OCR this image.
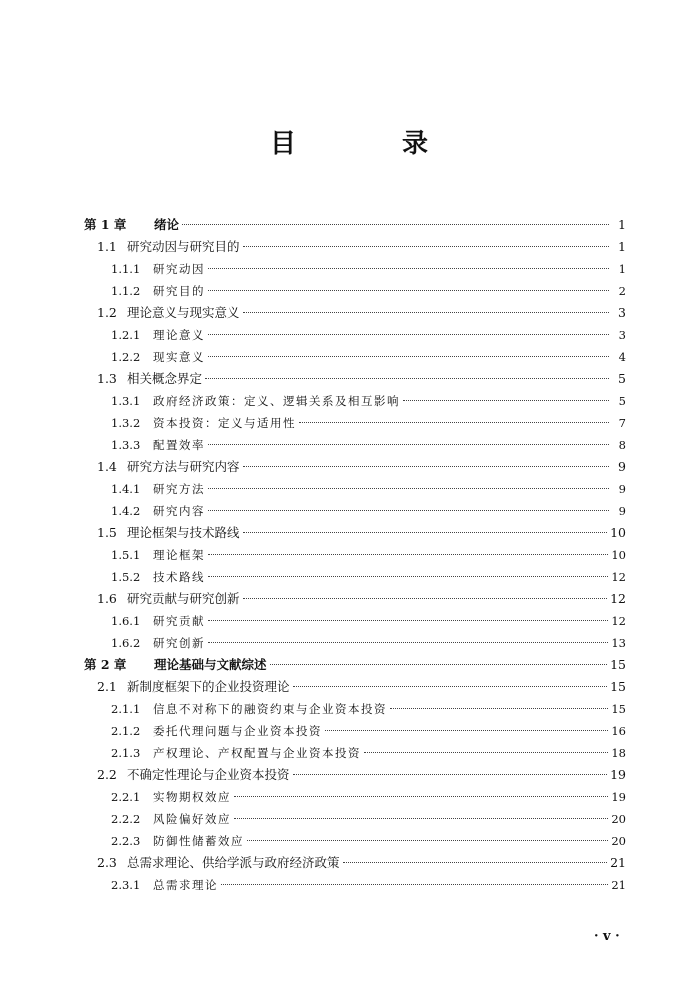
目　录
第 1 章	绪论	1
1.1 研究动因与研究目的	1
1.1.1	研究动因	1
1.1.2	研究目的	2
1.2 理论意义与现实意义	3
1.2.1	理论意义	3
1.2.2	现实意义	4
1.3 相关概念界定	5
1.3.1	政府经济政策：定义、逻辑关系及相互影响	5
1.3.2	资本投资：定义与适用性	7
1.3.3	配置效率	8
1.4 研究方法与研究内容	9
1.4.1	研究方法	9
1.4.2	研究内容	9
1.5 理论框架与技术路线	10
1.5.1	理论框架	10
1.5.2	技术路线	12
1.6 研究贡献与研究创新	12
1.6.1	研究贡献	12
1.6.2	研究创新	13
第 2 章	理论基础与文献综述	15
2.1 新制度框架下的企业投资理论	15
2.1.1	信息不对称下的融资约束与企业资本投资	15
2.1.2	委托代理问题与企业资本投资	16
2.1.3	产权理论、产权配置与企业资本投资	18
2.2 不确定性理论与企业资本投资	19
2.2.1	实物期权效应	19
2.2.2	风险偏好效应	20
2.2.3	防御性储蓄效应	20
2.3 总需求理论、供给学派与政府经济政策	21
2.3.1	总需求理论	21
· v ·
